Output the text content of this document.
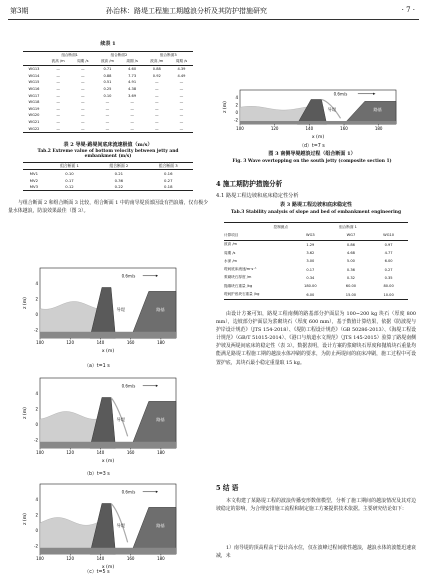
第3期	孙治林：路堤工程施工期越浪分析及其防护措施研究	· 7 ·
续表 1
	组合断面1		组合断面2		组合断面3	
	波高 /m	周期 /s	波高 /m	周期 /s	波高 /m	周期 /s
WG13	—	—	0.71	4.60	0.88	4.39
WG14	—	—	0.88	7.73	0.92	4.49
WG15	—	—	0.51	4.91	—	—
WG16	—	—	0.25	4.38	—	—
WG17	—	—	0.10	3.69	—	—
WG18	—	—	—	—	—	—
WG19	—	—	—	—	—	—
WG20	—	—	—	—	—	—
WG21	—	—	—	—	—	—
WG22	—	—	—	—	—	—
表 2 导堤-路堤间底床流速极值（m/s）
Tab.2 Extreme value of bottom velocity between jetty and embankment (m/s)
	组合断面 1	组合断面 2	组合断面 3
MV1	0.10	0.21	0.16
MV2	0.17	0.36	0.27
MV3	0.12	0.22	0.18
与组合断面 2 和组合断面 3 比较，组合断面 1 中的南导堤顶部因设有挡浪墙，仅有极少量水体越浪，防浪效果最佳（图 3）。
0.6m/s
导堤	路基
100	120	140	160	180
-2
0
2
4
x (m)
z (m)
（a）t=1 s
0.6m/s
导堤	路基
100	120	140	160	180
-2
0
2
4
x (m)
z (m)
（b）t=3 s
0.6m/s
导堤	路基
100	120	140	160	180
-2
0
2
4
x (m)
z (m)
（c）t=5 s
0.6m/s
导堤	路基
100	120	140	160	180
-2
0
2
4
x (m)
z (m)
（d）t=7 s
图 3 南侧导堤越浪过程（组合断面 1）
Fig. 3 Wave overtopping on the south jetty (composite section 1)
4 施工期防护措施分析
4.1 路堤工程边坡和底床稳定性分析
表 3 路堤工程边坡和底床稳定性
Tab.3 Stability analysis of slope and bed of embankment engineering
控制测点	组合断面 1		
计算项目	WG3	WG7	WG10
波高 /m	1.29	0.86	0.97
周期 /s	3.62	4.68	4.77
水深 /m	3.00	5.00	6.00
堤间底床流速/m·s⁻¹	0.17	0.36	0.27
浆砌块石厚度 /m	0.34	0.32	0.35
抛填块石重量 /kg	180.00	60.00	80.00
堤间护底块石重量 /kg	6.00	15.00	10.00
由设计方案可知，路堤工程南侧的路基部分护面层为 100~200 kg 块石（厚度 800 mm），边坡部分护面层为浆砌块石（厚度 600 mm），基于数值计算结果，依据《防波堤与护岸设计规范》（JTS 154-2018）、《堤防工程设计规范》（GB 50286-2013）、《海堤工程设计规范》（GB/T 51015-2014）、《港口与航道水文规范》（JTS 145-2015）验算了路堤南侧护坡及两堤间底床的稳定性（表 3）。数据表明，设计方案的浆砌块石厚度和抛填块石重量均能满足路堤工程施工期的越浪水体冲刷的要求，为防止两堤间的底床冲刷，施工过程中可设置护底，其块石最小稳定重量取 15 kg。
5 结 语
本文构建了某路堤工程的波浪传播变形数值模型，分析了施工期间的越浪情况及其对边坡稳定的影响，为合理安排施工流程和制定施工方案提供技术依据。主要研究结论如下：
1）南导堤的顶高程高于设计高水位，仅在波峰过程间歇性越浪，越浪水体的波能迅速衰减，未
